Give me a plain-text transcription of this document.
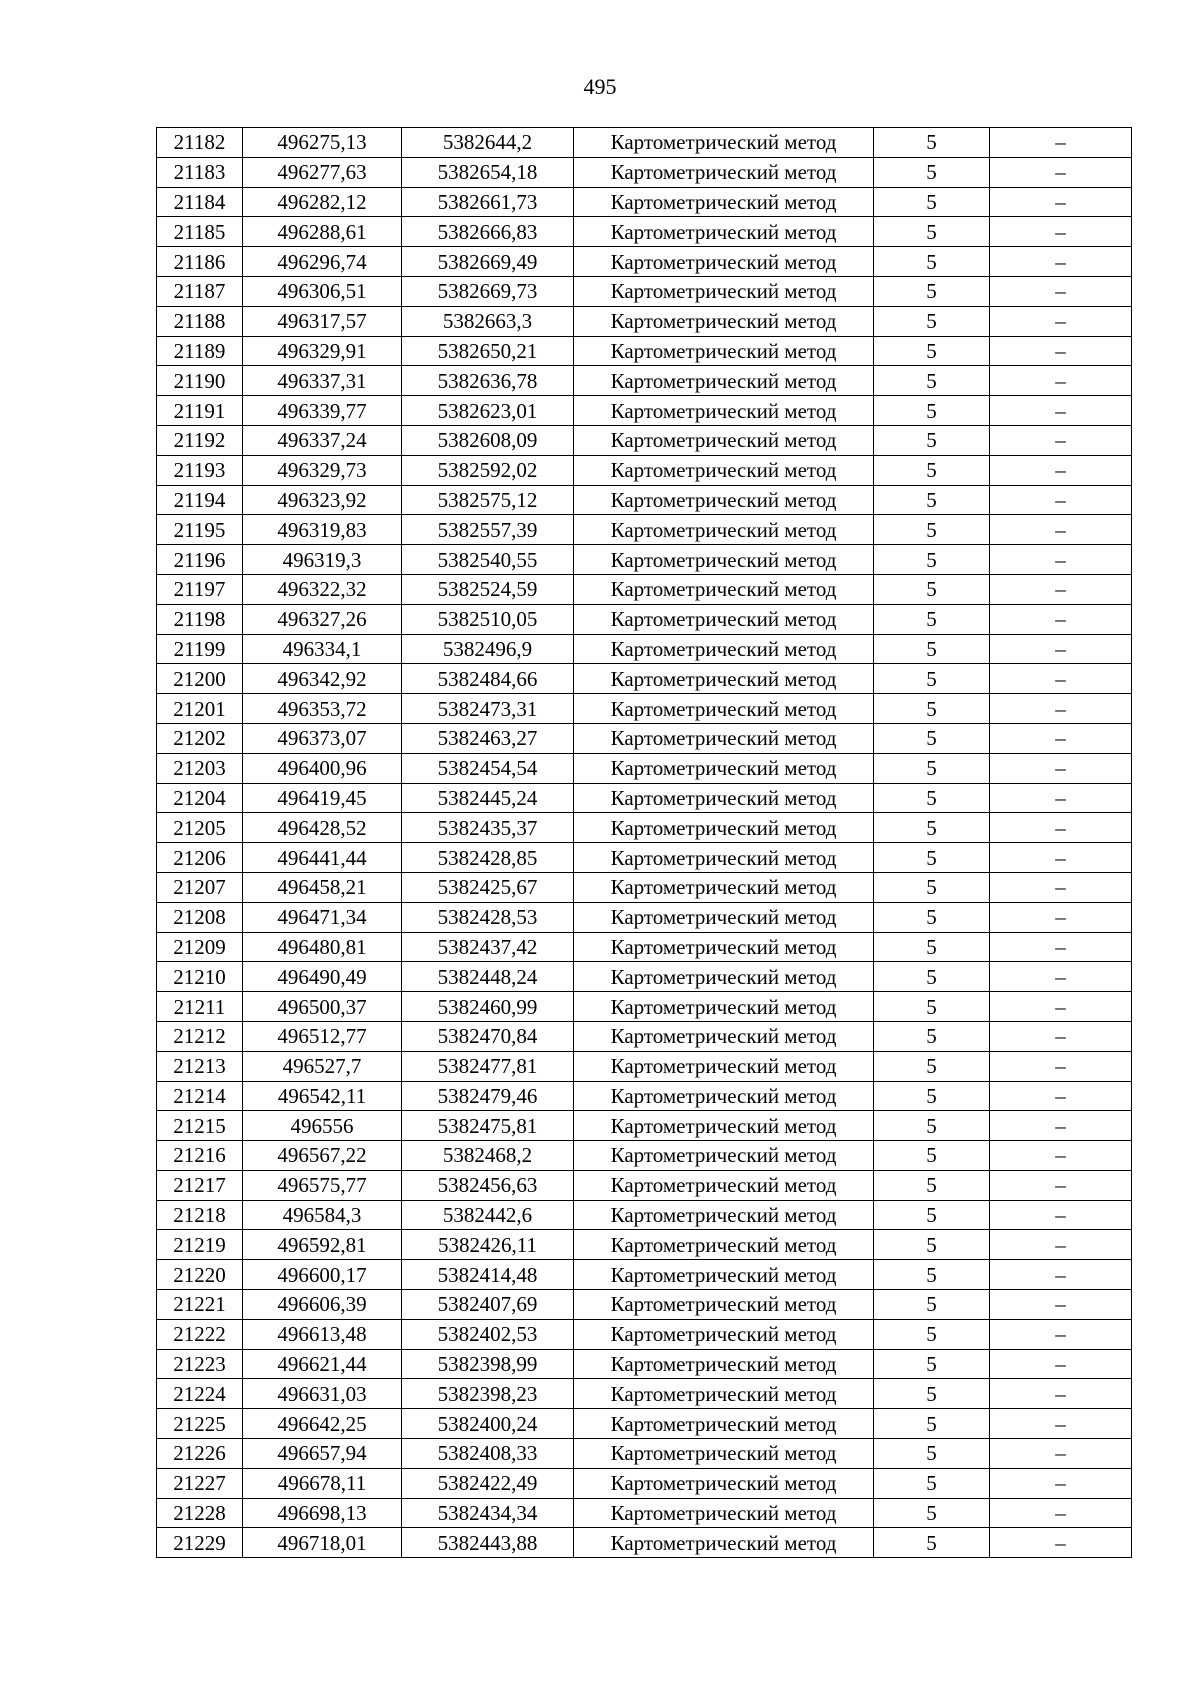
495
21182	496275,13	5382644,2	Картометрический метод	5	–
21183	496277,63	5382654,18	Картометрический метод	5	–
21184	496282,12	5382661,73	Картометрический метод	5	–
21185	496288,61	5382666,83	Картометрический метод	5	–
21186	496296,74	5382669,49	Картометрический метод	5	–
21187	496306,51	5382669,73	Картометрический метод	5	–
21188	496317,57	5382663,3	Картометрический метод	5	–
21189	496329,91	5382650,21	Картометрический метод	5	–
21190	496337,31	5382636,78	Картометрический метод	5	–
21191	496339,77	5382623,01	Картометрический метод	5	–
21192	496337,24	5382608,09	Картометрический метод	5	–
21193	496329,73	5382592,02	Картометрический метод	5	–
21194	496323,92	5382575,12	Картометрический метод	5	–
21195	496319,83	5382557,39	Картометрический метод	5	–
21196	496319,3	5382540,55	Картометрический метод	5	–
21197	496322,32	5382524,59	Картометрический метод	5	–
21198	496327,26	5382510,05	Картометрический метод	5	–
21199	496334,1	5382496,9	Картометрический метод	5	–
21200	496342,92	5382484,66	Картометрический метод	5	–
21201	496353,72	5382473,31	Картометрический метод	5	–
21202	496373,07	5382463,27	Картометрический метод	5	–
21203	496400,96	5382454,54	Картометрический метод	5	–
21204	496419,45	5382445,24	Картометрический метод	5	–
21205	496428,52	5382435,37	Картометрический метод	5	–
21206	496441,44	5382428,85	Картометрический метод	5	–
21207	496458,21	5382425,67	Картометрический метод	5	–
21208	496471,34	5382428,53	Картометрический метод	5	–
21209	496480,81	5382437,42	Картометрический метод	5	–
21210	496490,49	5382448,24	Картометрический метод	5	–
21211	496500,37	5382460,99	Картометрический метод	5	–
21212	496512,77	5382470,84	Картометрический метод	5	–
21213	496527,7	5382477,81	Картометрический метод	5	–
21214	496542,11	5382479,46	Картометрический метод	5	–
21215	496556	5382475,81	Картометрический метод	5	–
21216	496567,22	5382468,2	Картометрический метод	5	–
21217	496575,77	5382456,63	Картометрический метод	5	–
21218	496584,3	5382442,6	Картометрический метод	5	–
21219	496592,81	5382426,11	Картометрический метод	5	–
21220	496600,17	5382414,48	Картометрический метод	5	–
21221	496606,39	5382407,69	Картометрический метод	5	–
21222	496613,48	5382402,53	Картометрический метод	5	–
21223	496621,44	5382398,99	Картометрический метод	5	–
21224	496631,03	5382398,23	Картометрический метод	5	–
21225	496642,25	5382400,24	Картометрический метод	5	–
21226	496657,94	5382408,33	Картометрический метод	5	–
21227	496678,11	5382422,49	Картометрический метод	5	–
21228	496698,13	5382434,34	Картометрический метод	5	–
21229	496718,01	5382443,88	Картометрический метод	5	–
